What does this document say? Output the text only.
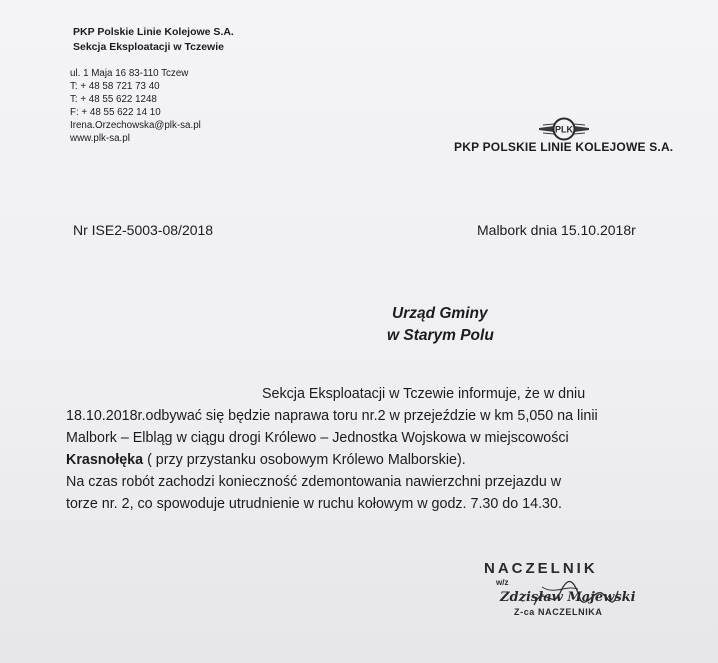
PKP Polskie Linie Kolejowe S.A.
Sekcja Eksploatacji w Tczewie
ul. 1 Maja 16 83-110 Tczew
T: + 48 58 721 73 40
T: + 48 55 622 1248
F: + 48 55 622 14 10
Irena.Orzechowska@plk-sa.pl
www.plk-sa.pl
PLK
PKP POLSKIE LINIE KOLEJOWE S.A.
Nr ISE2-5003-08/2018	Malbork dnia 15.10.2018r
Urząd Gminy
w Starym Polu
Sekcja Eksploatacji w Tczewie informuje, że w dniu
18.10.2018r.odbywać się będzie naprawa toru nr.2 w przejeździe w km 5,050 na linii
Malbork – Elbląg w ciągu drogi Królewo – Jednostka Wojskowa w miejscowości
Krasnołęka ( przy przystanku osobowym Królewo Malborskie).
Na czas robót zachodzi konieczność zdemontowania nawierzchni przejazdu w
torze nr. 2, co spowoduje utrudnienie w ruchu kołowym w godz. 7.30 do 14.30.
NACZELNIK
w/z
Zdzisław Majewski
Z-ca NACZELNIKA
